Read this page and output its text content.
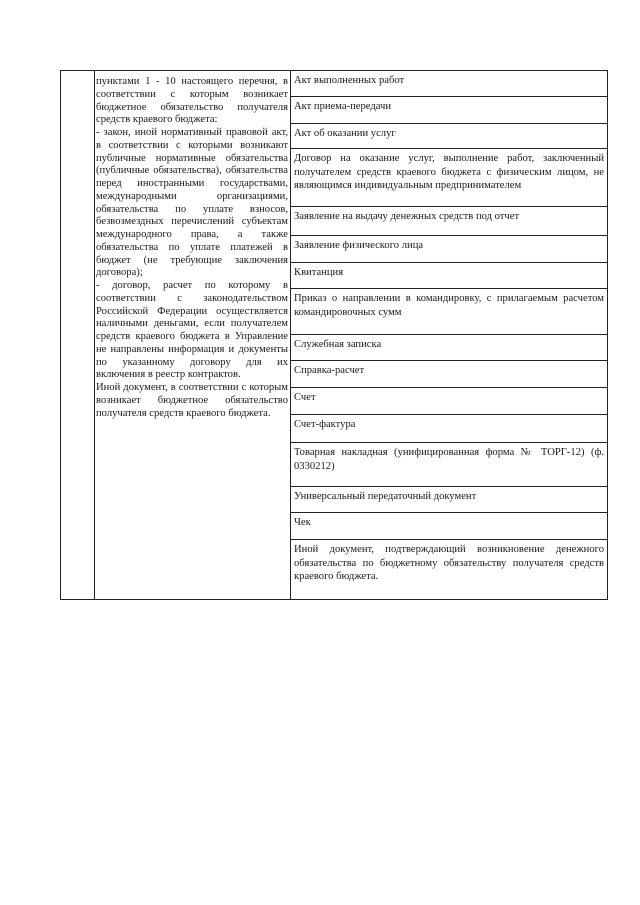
пунктами 1 - 10 настоящего перечня, в соответствии с которым возникает бюджетное обязательство получателя средств краевого бюджета:

- закон, иной нормативный правовой акт, в соответствии с которыми возникают публичные нормативные обязательства (публичные обязательства), обязательства перед иностранными государствами, международными организациями, обязательства по уплате взносов, безвозмездных перечислений субъектам международного права, а также обязательства по уплате платежей в бюджет (не требующие заключения договора);

- договор, расчет по которому в соответствии с законодательством Российской Федерации осуществляется наличными деньгами, если получателем средств краевого бюджета в Управление не направлены информация и документы по указанному договору для их включения в реестр контрактов.

Иной документ, в соответствии с которым возникает бюджетное обязательство получателя средств краевого бюджета.

Акт выполненных работ
Акт приема-передачи
Акт об оказании услуг
Договор на оказание услуг, выполнение работ, заключенный получателем средств краевого бюджета с физическим лицом, не являющимся индивидуальным предпринимателем
Заявление на выдачу денежных средств под отчет
Заявление физического лица
Квитанция
Приказ о направлении в командировку, с прилагаемым расчетом командировочных сумм
Служебная записка
Справка-расчет
Счет
Счет-фактура
Товарная накладная (унифицированная форма № ТОРГ-12) (ф. 0330212)
Универсальный передаточный документ
Чек
Иной документ, подтверждающий возникновение денежного обязательства по бюджетному обязательству получателя средств краевого бюджета.
